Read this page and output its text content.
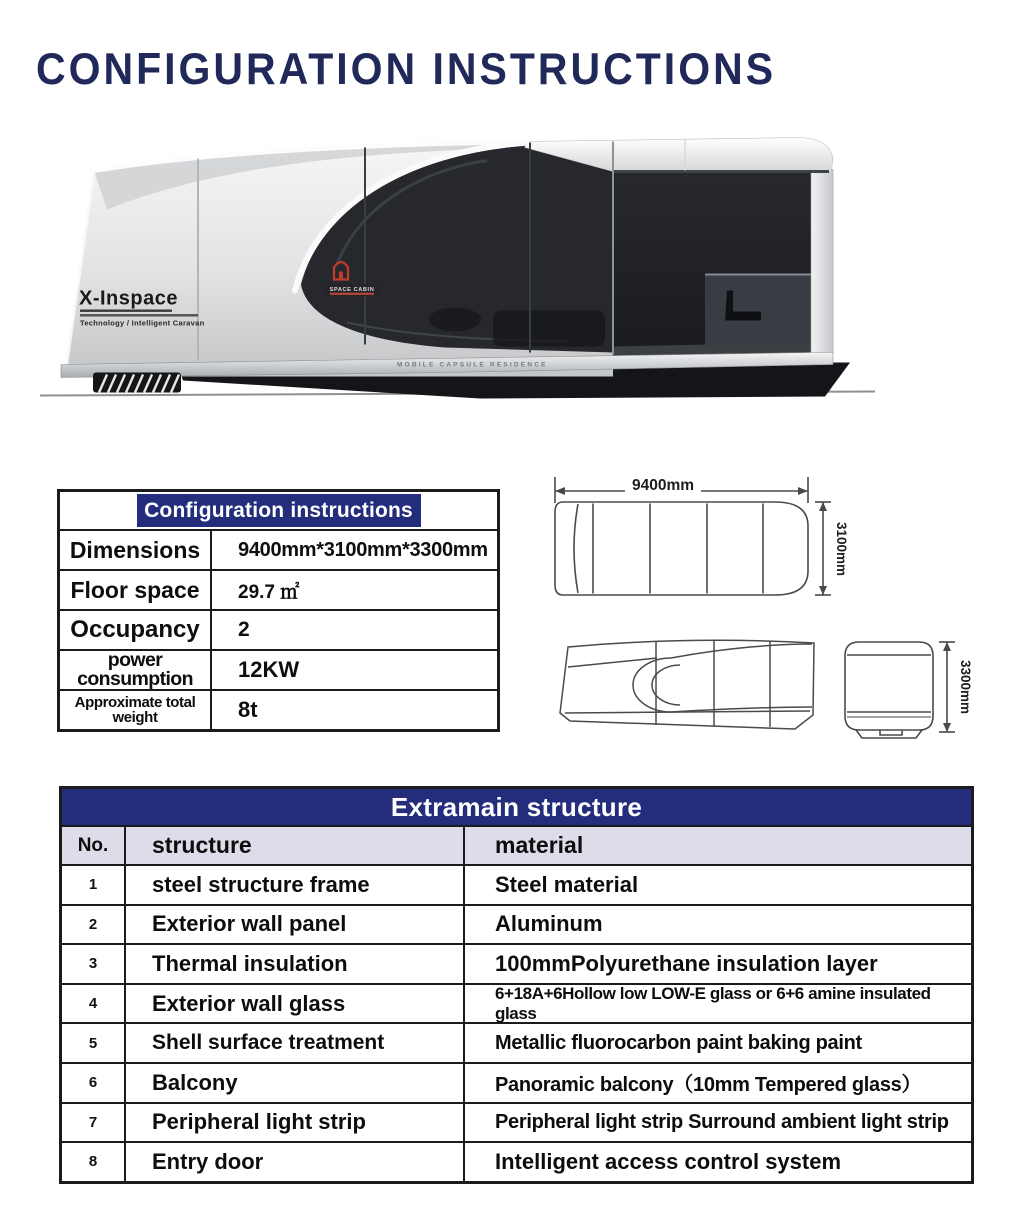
CONFIGURATION INSTRUCTIONS
MOBILE CAPSULE RESIDENCE
X-Inspace
Technology / Intelligent Caravan
SPACE CABIN
Configuration instructions
Dimensions	9400mm*3100mm*3300mm
Floor space	29.7 ㎡
Occupancy	2
power consumption	12KW
Approximate total weight	8t
9400mm
3100mm
3300mm
Extramain structure
No.	structure	material
1	steel structure frame	Steel material
2	Exterior wall panel	Aluminum
3	Thermal insulation	100mmPolyurethane insulation layer
4	Exterior wall glass	6+18A+6Hollow low LOW-E glass or 6+6 amine insulated glass
5	Shell surface treatment	Metallic fluorocarbon paint baking paint
6	Balcony	Panoramic balcony（10mm Tempered glass）
7	Peripheral light strip	Peripheral light strip Surround ambient light strip
8	Entry door	Intelligent access control system
